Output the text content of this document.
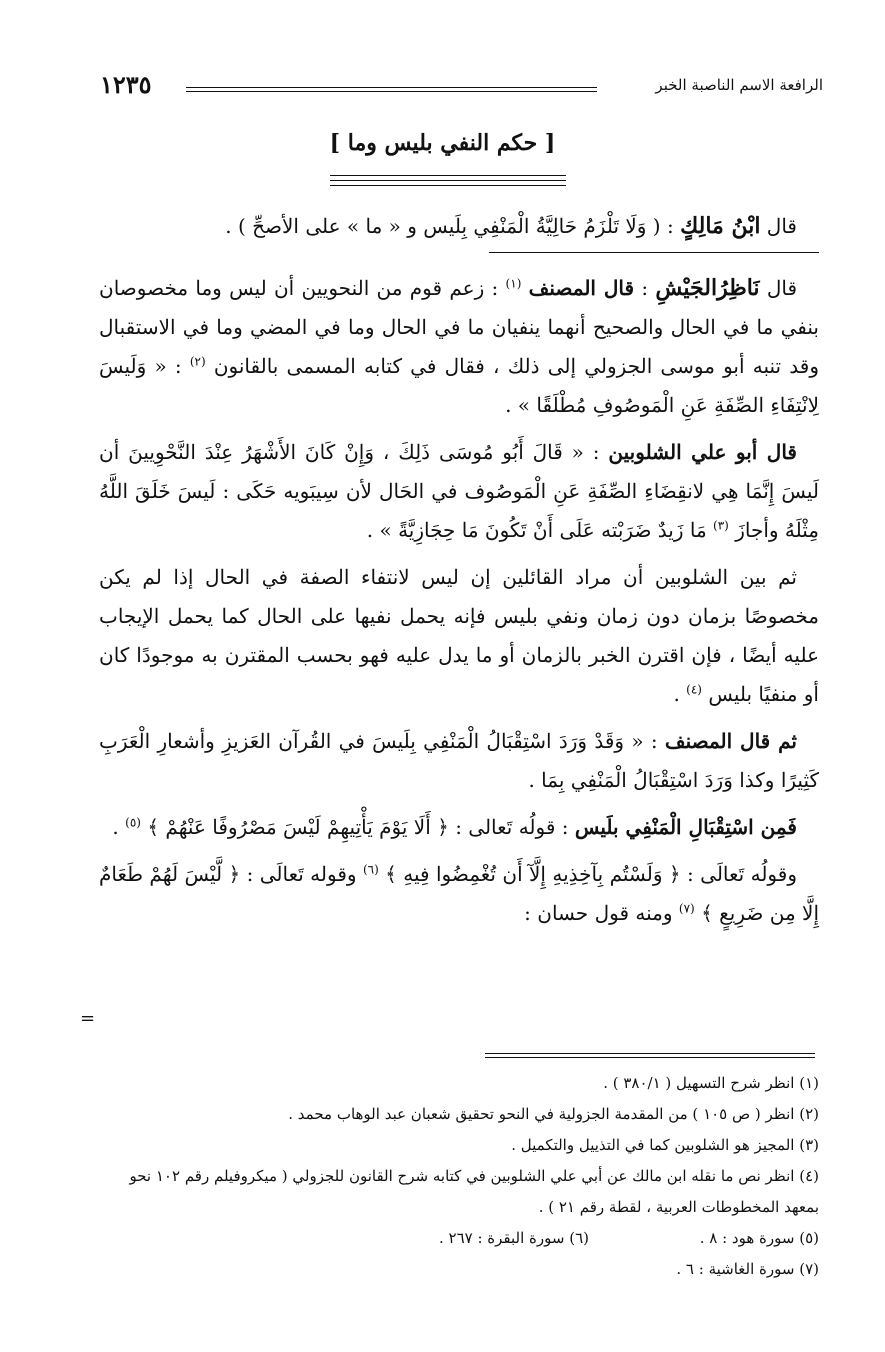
الرافعة الاسم الناصبة الخبر
١٢٣٥
[ حكم النفي بليس وما ]

قال ابْنُ مَالِكٍ : ( وَلَا تَلْزَمُ حَالِيَّةُ الْمَنْفِي بِلَيس و « ما » على الأصحِّ ) .

قال نَاظِرُالجَيْشِ : قال المصنف $^{(١)}$ : زعم قوم من النحويين أن ليس وما مخصوصان بنفي ما في الحال والصحيح أنهما ينفيان ما في الحال وما في المضي وما في الاستقبال وقد تنبه أبو موسى الجزولي إلى ذلك ، فقال في كتابه المسمى بالقانون $^{(٢)}$ : « وَلَيسَ لِانْتِفَاءِ الصِّفَةِ عَنِ الْمَوصُوفِ مُطْلَقًا » .

قال أبو علي الشلوبين : « قَالَ أَبُو مُوسَى ذَلِكَ ، وَإِنْ كَانَ الأَشْهَرُ عِنْدَ النَّحْوِيينَ أن لَيسَ إِنَّمَا هِي لانقِضَاءِ الصِّفَةِ عَنِ الْمَوصُوف في الحَال لأن سِيبَويه حَكَى : لَيسَ خَلَقَ اللَّهُ مِثْلَهُ وأجازَ $^{(٣)}$ مَا زَيدٌ ضَرَبْته عَلَى أَنْ تَكُونَ مَا حِجَازِيَّةً » .

ثم بين الشلوبين أن مراد القائلين إن ليس لانتفاء الصفة في الحال إذا لم يكن مخصوصًا بزمان دون زمان ونفي بليس فإنه يحمل نفيها على الحال كما يحمل الإيجاب عليه أيضًا ، فإن اقترن الخبر بالزمان أو ما يدل عليه فهو بحسب المقترن به موجودًا كان أو منفيًا بليس $^{(٤)}$ .

ثم قال المصنف : « وَقَدْ وَرَدَ اسْتِقْبَالُ الْمَنْفِي بِلَيسَ في القُرآن العَزيزِ وأشعارِ الْعَرَبِ كَثِيرًا وكذا وَرَدَ اسْتِقْبَالُ الْمَنْفِي بِمَا .

فَمِن اسْتِقْبَالِ الْمَنْفِي بلَيس : قولُه تَعالى : ﴿ أَلَا يَوْمَ يَأْتِيهِمْ لَيْسَ مَصْرُوفًا عَنْهُمْ ﴾ $^{(٥)}$ .

وقولُه تَعالَى : ﴿ وَلَسْتُم بِآخِذِيهِ إِلَّآ أَن تُغْمِضُوا فِيهِ ﴾ $^{(٦)}$ وقوله تَعالَى : ﴿ لَّيْسَ لَهُمْ طَعَامٌ إِلَّا مِن ضَرِيعٍ ﴾ $^{(٧)}$ ومنه قول حسان :

=

(١) انظر شرح التسهيل ( ٣٨٠/١ ) .

(٢) انظر ( ص ١٠٥ ) من المقدمة الجزولية في النحو تحقيق شعبان عبد الوهاب محمد .

(٣) المجيز هو الشلوبين كما في التذييل والتكميل .

(٤) انظر نص ما نقله ابن مالك عن أبي علي الشلوبين في كتابه شرح القانون للجزولي ( ميكروفيلم رقم ١٠٢ نحو بمعهد المخطوطات العربية ، لقطة رقم ٢١ ) .

(٥) سورة هود : ٨ .
(٦) سورة البقرة : ٢٦٧ .

(٧) سورة الغاشية : ٦ .
